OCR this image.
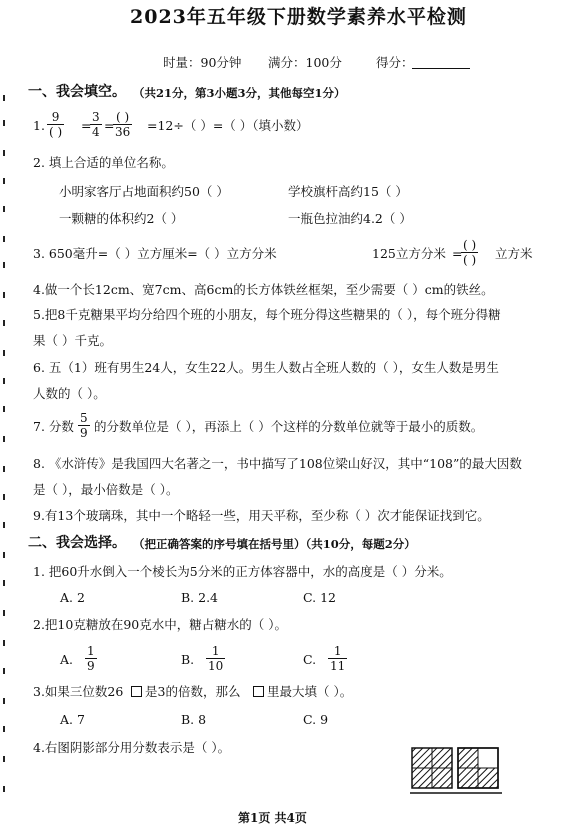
2023年五年级下册数学素养水平检测
时量：90分钟 满分：100分	得分：
一、我会填空。 （共21分，第3小题3分，其他每空1分）
1.
9
( ) =
3
4 =
( )
36 =12÷（ ）=（ ）（填小数）
2. 填上合适的单位名称。
小明家客厅占地面积约50（ ）	学校旗杆高约15（ ）
一颗糖的体积约2（ ）	一瓶色拉油约4.2（ ）
3. 650毫升=（ ）立方厘米=（ ）立方分米	125立方分米 =
( )
( ) 立方米
4.做一个长12cm、宽7cm、高6cm的长方体铁丝框架，至少需要（ ）cm的铁丝。
5.把8千克糖果平均分给四个班的小朋友，每个班分得这些糖果的（ ），每个班分得糖
果（ ）千克。
6. 五（1）班有男生24人，女生22人。男生人数占全班人数的（ ），女生人数是男生
人数的（ ）。
7. 分数
5
9 的分数单位是（ ），再添上（ ）个这样的分数单位就等于最小的质数。
8. 《水浒传》是我国四大名著之一，书中描写了108位梁山好汉，其中“108”的最大因数
是（ ），最小倍数是（ ）。
9.有13个玻璃珠，其中一个略轻一些，用天平称，至少称（ ）次才能保证找到它。
二、我会选择。 （把正确答案的序号填在括号里）（共10分，每题2分）
1. 把60升水倒入一个棱长为5分米的正方体容器中，水的高度是（ ）分米。
A. 2	B. 2.4	C. 12
2.把10克糖放在90克水中，糖占糖水的（ ）。
A.
1
9	B.
1
10	C.
1
11
3.如果三位数26 是3的倍数，那么 里最大填（ ）。
A. 7	B. 8	C. 9
4.右图阴影部分用分数表示是（ ）。
第1页 共4页
